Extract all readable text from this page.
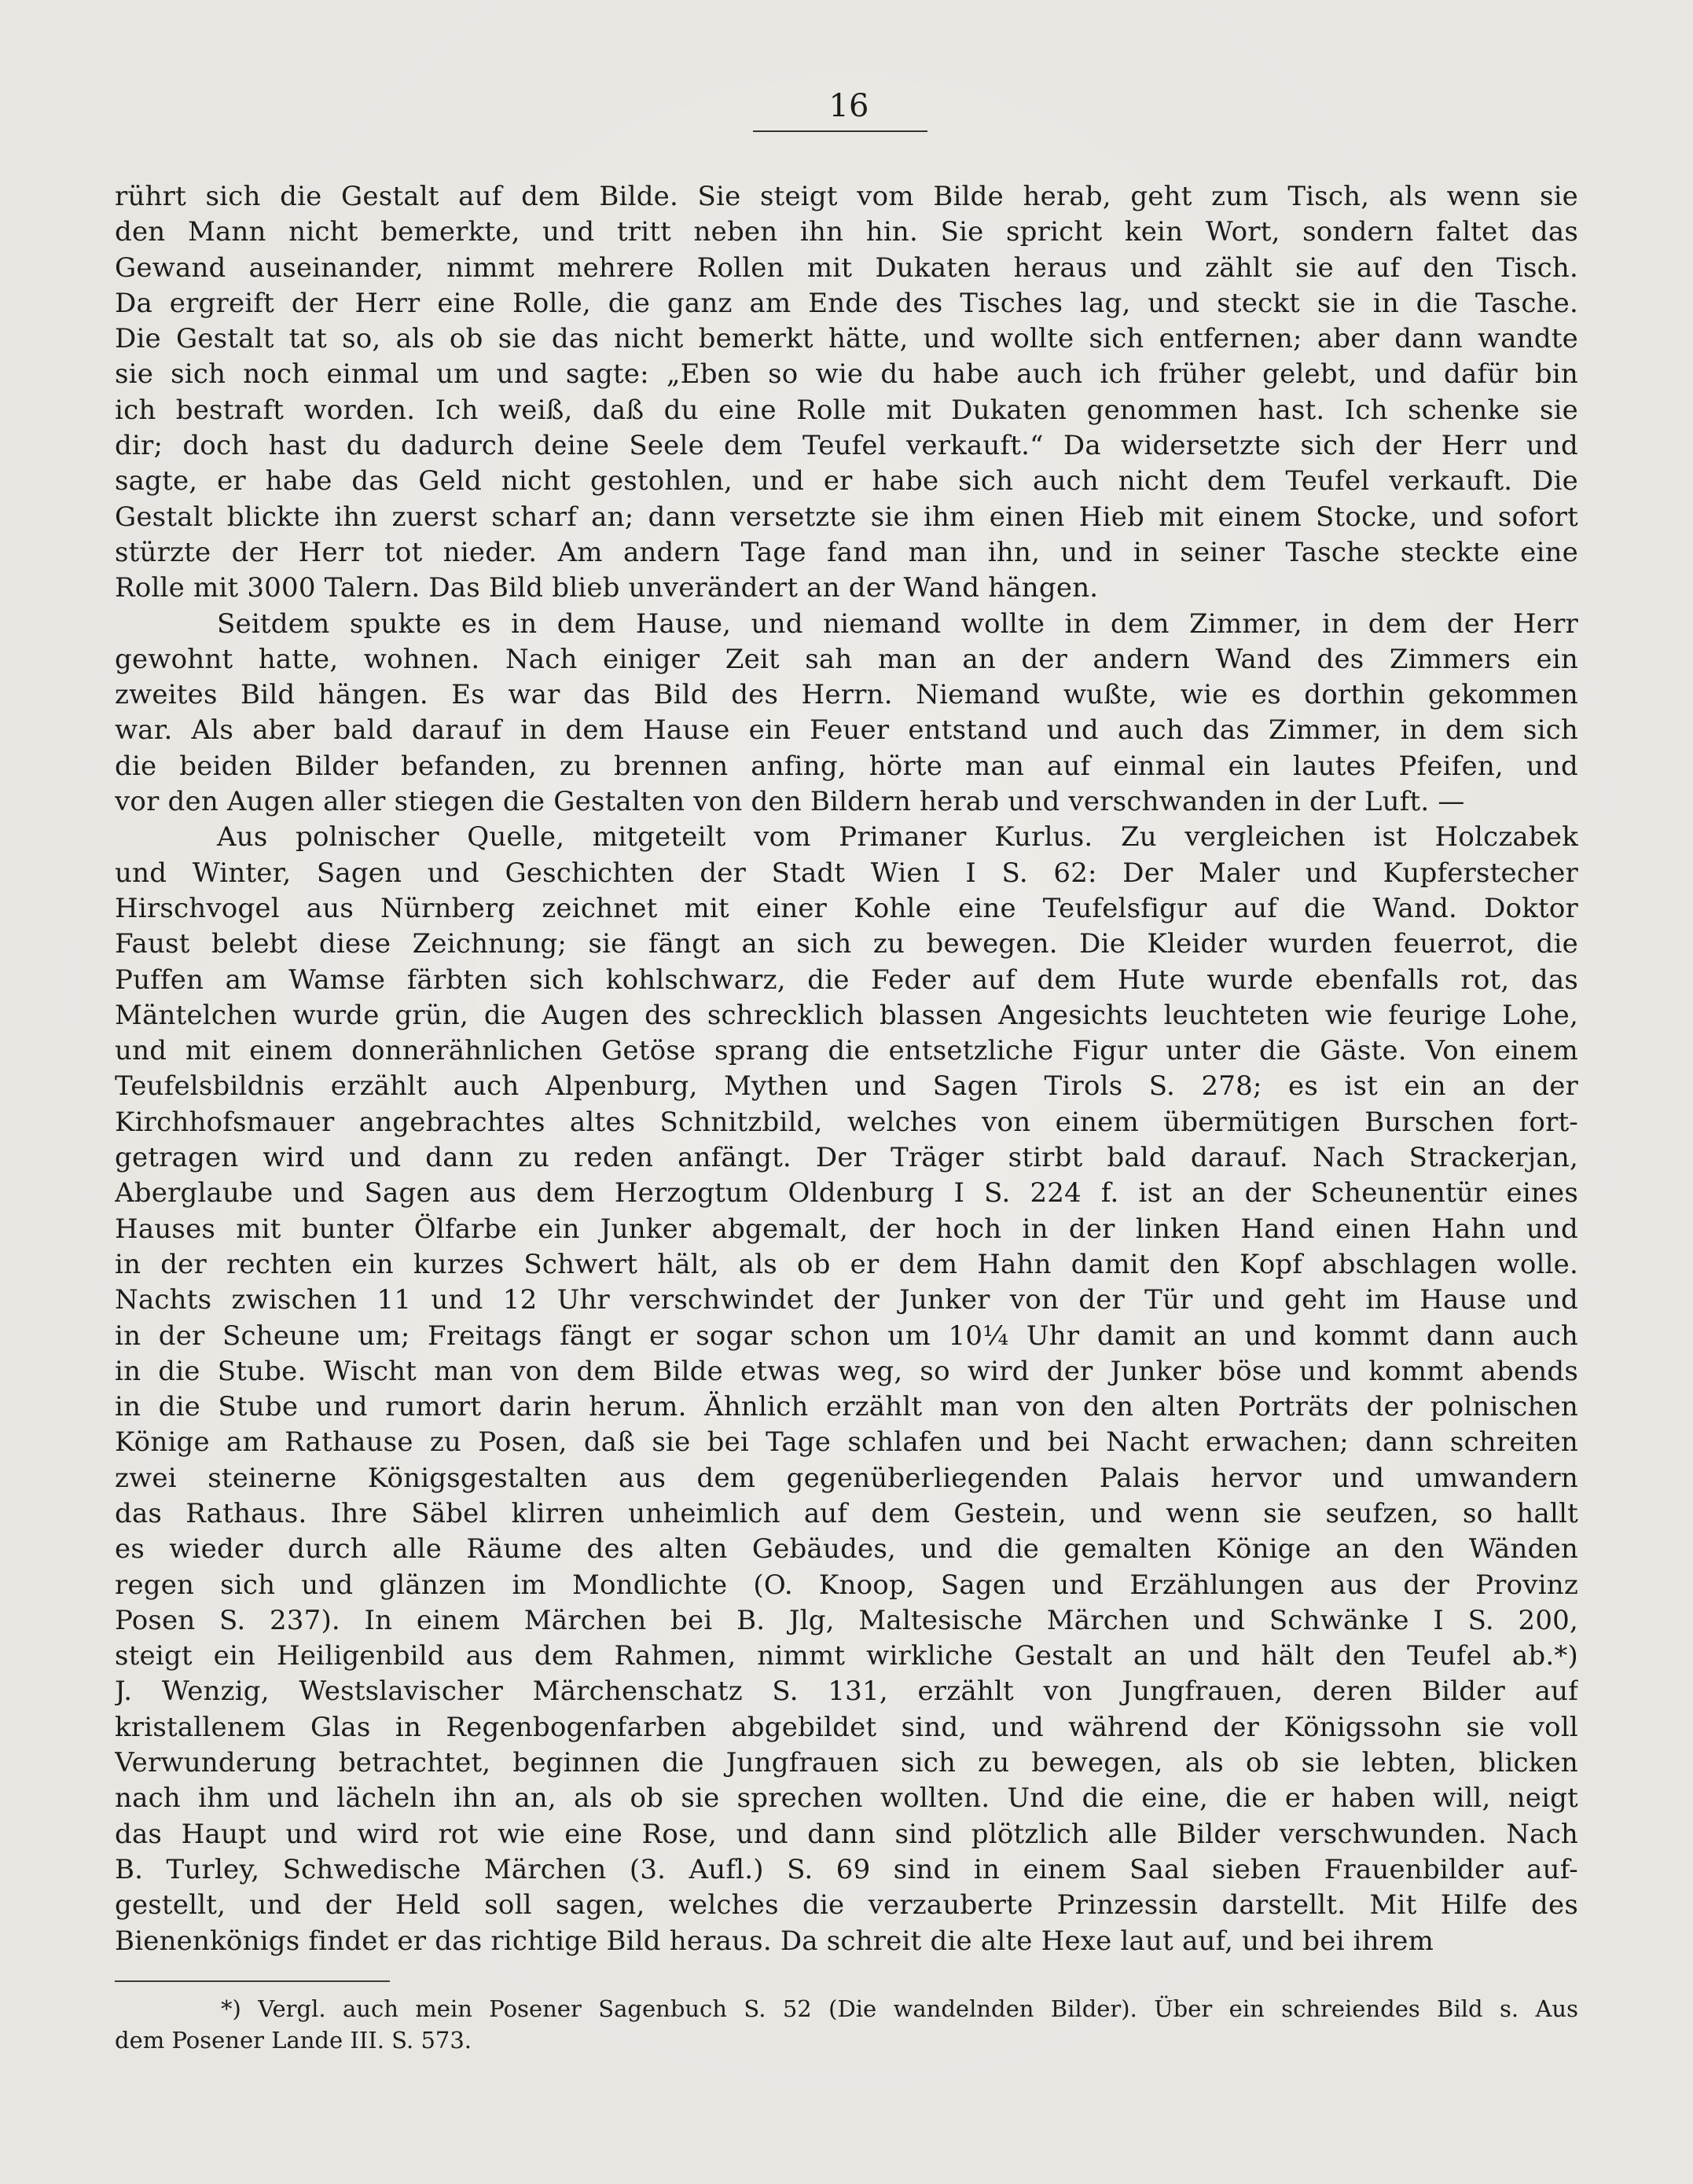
16
rührt sich die Gestalt auf dem Bilde. Sie steigt vom Bilde herab, geht zum Tisch, als wenn sie
den Mann nicht bemerkte, und tritt neben ihn hin. Sie spricht kein Wort, sondern faltet das
Gewand auseinander, nimmt mehrere Rollen mit Dukaten heraus und zählt sie auf den Tisch.
Da ergreift der Herr eine Rolle, die ganz am Ende des Tisches lag, und steckt sie in die Tasche.
Die Gestalt tat so, als ob sie das nicht bemerkt hätte, und wollte sich entfernen; aber dann wandte
sie sich noch einmal um und sagte: „Eben so wie du habe auch ich früher gelebt, und dafür bin
ich bestraft worden. Ich weiß, daß du eine Rolle mit Dukaten genommen hast. Ich schenke sie
dir; doch hast du dadurch deine Seele dem Teufel verkauft.“ Da widersetzte sich der Herr und
sagte, er habe das Geld nicht gestohlen, und er habe sich auch nicht dem Teufel verkauft. Die
Gestalt blickte ihn zuerst scharf an; dann versetzte sie ihm einen Hieb mit einem Stocke, und sofort
stürzte der Herr tot nieder. Am andern Tage fand man ihn, und in seiner Tasche steckte eine
Rolle mit 3000 Talern. Das Bild blieb unverändert an der Wand hängen.
Seitdem spukte es in dem Hause, und niemand wollte in dem Zimmer, in dem der Herr
gewohnt hatte, wohnen. Nach einiger Zeit sah man an der andern Wand des Zimmers ein
zweites Bild hängen. Es war das Bild des Herrn. Niemand wußte, wie es dorthin gekommen
war. Als aber bald darauf in dem Hause ein Feuer entstand und auch das Zimmer, in dem sich
die beiden Bilder befanden, zu brennen anfing, hörte man auf einmal ein lautes Pfeifen, und
vor den Augen aller stiegen die Gestalten von den Bildern herab und verschwanden in der Luft. —
Aus polnischer Quelle, mitgeteilt vom Primaner Kurlus. Zu vergleichen ist Holczabek
und Winter, Sagen und Geschichten der Stadt Wien I S. 62: Der Maler und Kupferstecher
Hirschvogel aus Nürnberg zeichnet mit einer Kohle eine Teufelsfigur auf die Wand. Doktor
Faust belebt diese Zeichnung; sie fängt an sich zu bewegen. Die Kleider wurden feuerrot, die
Puffen am Wamse färbten sich kohlschwarz, die Feder auf dem Hute wurde ebenfalls rot, das
Mäntelchen wurde grün, die Augen des schrecklich blassen Angesichts leuchteten wie feurige Lohe,
und mit einem donnerähnlichen Getöse sprang die entsetzliche Figur unter die Gäste. Von einem
Teufelsbildnis erzählt auch Alpenburg, Mythen und Sagen Tirols S. 278; es ist ein an der
Kirchhofsmauer angebrachtes altes Schnitzbild, welches von einem übermütigen Burschen fort-
getragen wird und dann zu reden anfängt. Der Träger stirbt bald darauf. Nach Strackerjan,
Aberglaube und Sagen aus dem Herzogtum Oldenburg I S. 224 f. ist an der Scheunentür eines
Hauses mit bunter Ölfarbe ein Junker abgemalt, der hoch in der linken Hand einen Hahn und
in der rechten ein kurzes Schwert hält, als ob er dem Hahn damit den Kopf abschlagen wolle.
Nachts zwischen 11 und 12 Uhr verschwindet der Junker von der Tür und geht im Hause und
in der Scheune um; Freitags fängt er sogar schon um 10¼ Uhr damit an und kommt dann auch
in die Stube. Wischt man von dem Bilde etwas weg, so wird der Junker böse und kommt abends
in die Stube und rumort darin herum. Ähnlich erzählt man von den alten Porträts der polnischen
Könige am Rathause zu Posen, daß sie bei Tage schlafen und bei Nacht erwachen; dann schreiten
zwei steinerne Königsgestalten aus dem gegenüberliegenden Palais hervor und umwandern
das Rathaus. Ihre Säbel klirren unheimlich auf dem Gestein, und wenn sie seufzen, so hallt
es wieder durch alle Räume des alten Gebäudes, und die gemalten Könige an den Wänden
regen sich und glänzen im Mondlichte (O. Knoop, Sagen und Erzählungen aus der Provinz
Posen S. 237). In einem Märchen bei B. Jlg, Maltesische Märchen und Schwänke I S. 200,
steigt ein Heiligenbild aus dem Rahmen, nimmt wirkliche Gestalt an und hält den Teufel ab.*)
J. Wenzig, Westslavischer Märchenschatz S. 131, erzählt von Jungfrauen, deren Bilder auf
kristallenem Glas in Regenbogenfarben abgebildet sind, und während der Königssohn sie voll
Verwunderung betrachtet, beginnen die Jungfrauen sich zu bewegen, als ob sie lebten, blicken
nach ihm und lächeln ihn an, als ob sie sprechen wollten. Und die eine, die er haben will, neigt
das Haupt und wird rot wie eine Rose, und dann sind plötzlich alle Bilder verschwunden. Nach
B. Turley, Schwedische Märchen (3. Aufl.) S. 69 sind in einem Saal sieben Frauenbilder auf-
gestellt, und der Held soll sagen, welches die verzauberte Prinzessin darstellt. Mit Hilfe des
Bienenkönigs findet er das richtige Bild heraus. Da schreit die alte Hexe laut auf, und bei ihrem
*) Vergl. auch mein Posener Sagenbuch S. 52 (Die wandelnden Bilder). Über ein schreiendes Bild s. Aus
dem Posener Lande III. S. 573.
